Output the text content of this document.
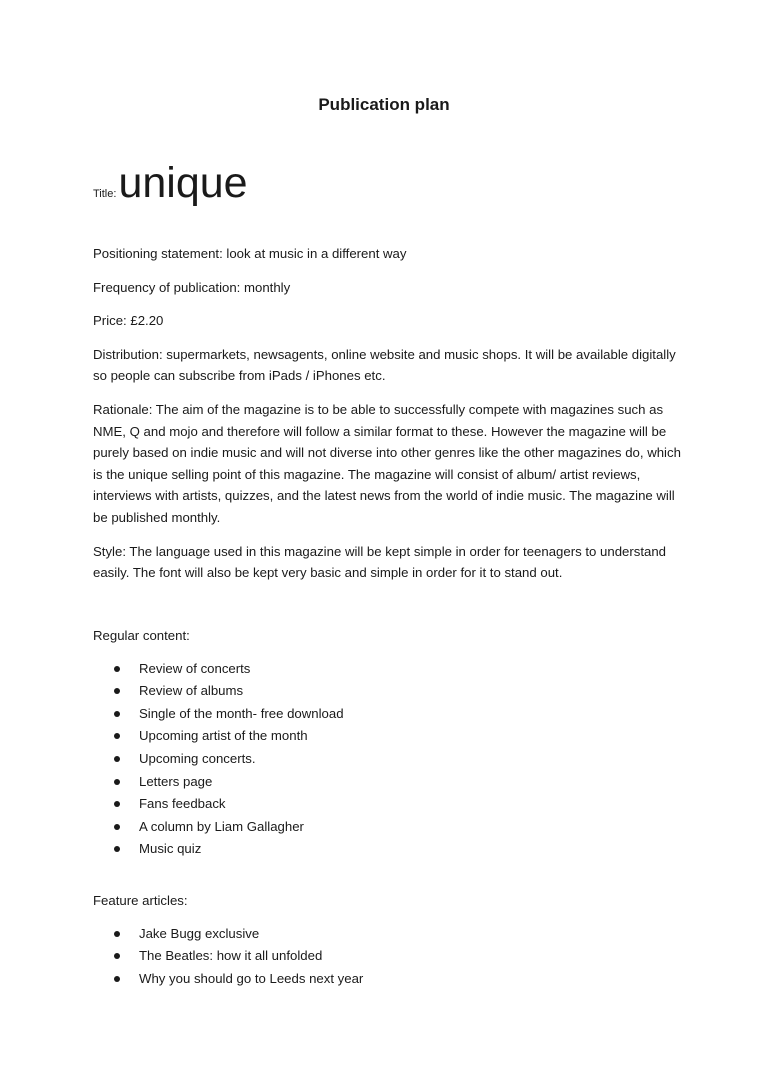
Publication plan
Title:unique

Positioning statement: look at music in a different way

Frequency of publication: monthly

Price: £2.20

Distribution: supermarkets, newsagents, online website and music shops. It will be available digitally so people can subscribe from iPads / iPhones etc.

Rationale: The aim of the magazine is to be able to successfully compete with magazines such as NME, Q and mojo and therefore will follow a similar format to these. However the magazine will be purely based on indie music and will not diverse into other genres like the other magazines do, which is the unique selling point of this magazine. The magazine will consist of album/ artist reviews, interviews with artists, quizzes, and the latest news from the world of indie music. The magazine will be published monthly.

Style: The language used in this magazine will be kept simple in order for teenagers to understand easily. The font will also be kept very basic and simple in order for it to stand out.

Regular content:

Review of concerts
Review of albums
Single of the month- free download
Upcoming artist of the month
Upcoming concerts.
Letters page
Fans feedback
A column by Liam Gallagher
Music quiz

Feature articles:

Jake Bugg exclusive
The Beatles: how it all unfolded
Why you should go to Leeds next year
